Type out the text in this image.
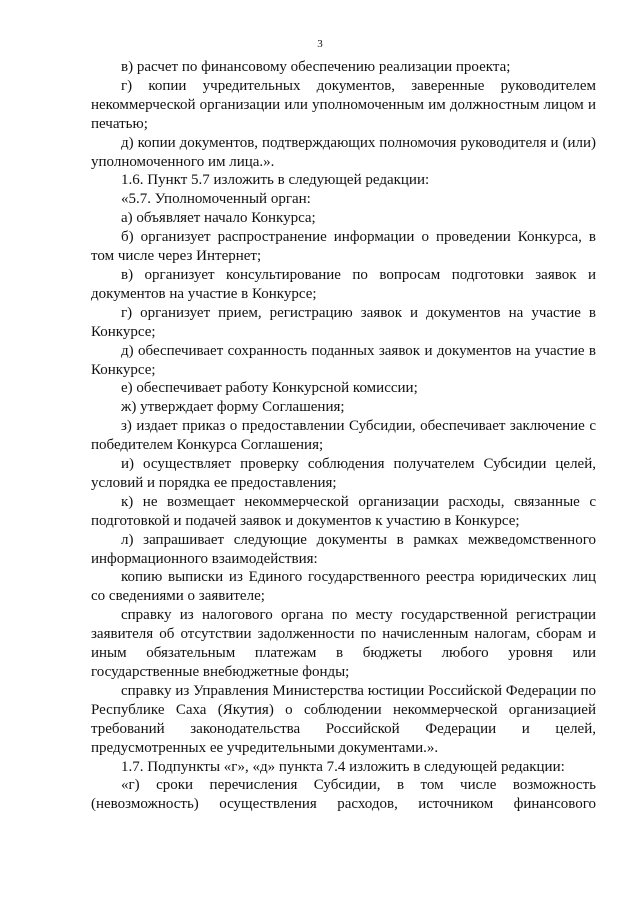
3

в) расчет по финансовому обеспечению реализации проекта;

г) копии учредительных документов, заверенные руководителем некоммерческой организации или уполномоченным им должностным лицом и печатью;

д) копии документов, подтверждающих полномочия руководителя и (или) уполномоченного им лица.».

1.6. Пункт 5.7 изложить в следующей редакции:

«5.7. Уполномоченный орган:

а) объявляет начало Конкурса;

б) организует распространение информации о проведении Конкурса, в том числе через Интернет;

в) организует консультирование по вопросам подготовки заявок и документов на участие в Конкурсе;

г) организует прием, регистрацию заявок и документов на участие в Конкурсе;

д) обеспечивает сохранность поданных заявок и документов на участие в Конкурсе;

е) обеспечивает работу Конкурсной комиссии;

ж) утверждает форму Соглашения;

з) издает приказ о предоставлении Субсидии, обеспечивает заключение с победителем Конкурса Соглашения;

и) осуществляет проверку соблюдения получателем Субсидии целей, условий и порядка ее предоставления;

к) не возмещает некоммерческой организации расходы, связанные с подготовкой и подачей заявок и документов к участию в Конкурсе;

л) запрашивает следующие документы в рамках межведомственного информационного взаимодействия:

копию выписки из Единого государственного реестра юридических лиц со сведениями о заявителе;

справку из налогового органа по месту государственной регистрации заявителя об отсутствии задолженности по начисленным налогам, сборам и иным обязательным платежам в бюджеты любого уровня или

государственные внебюджетные фонды;

справку из Управления Министерства юстиции Российской Федерации по Республике Саха (Якутия) о соблюдении некоммерческой организацией требований законодательства Российской Федерации и целей,

предусмотренных ее учредительными документами.».

1.7. Подпункты «г», «д» пункта 7.4 изложить в следующей редакции:

«г) сроки перечисления Субсидии, в том числе возможность (невозможность) осуществления расходов, источником финансового
